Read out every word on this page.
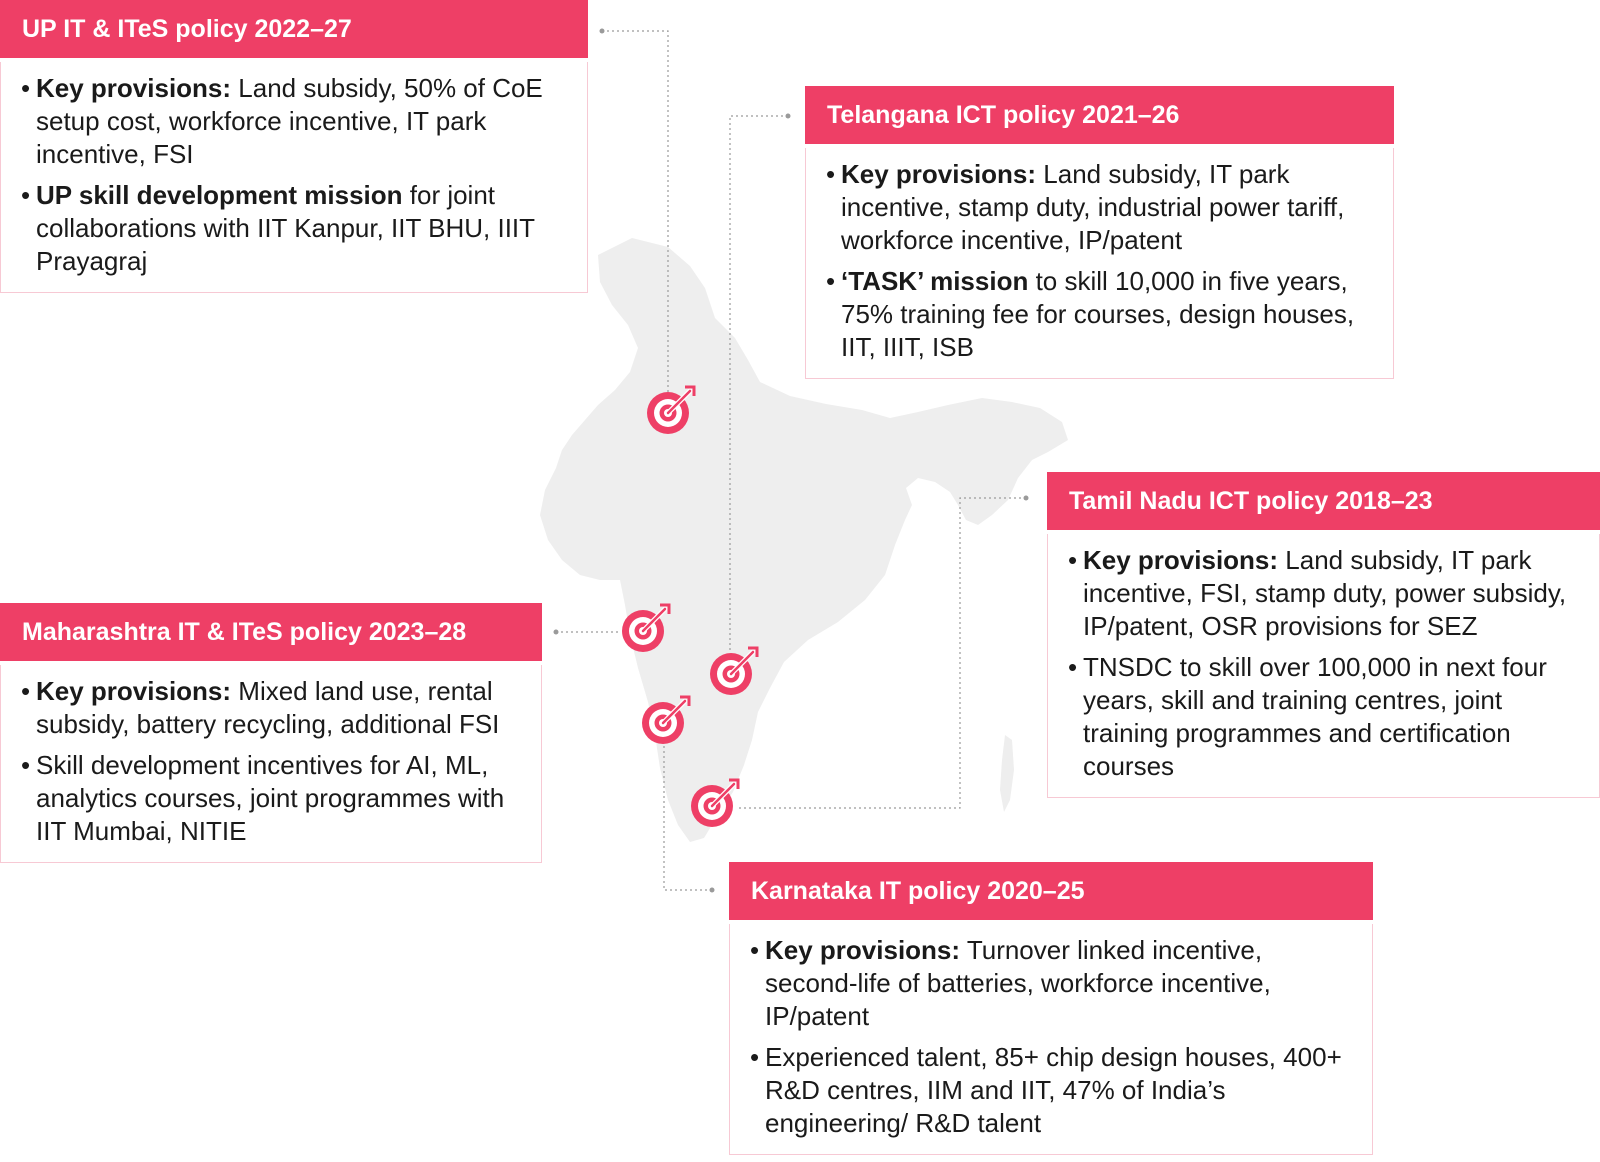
UP IT & ITeS policy 2022–27
• Key provisions: Land subsidy, 50% of CoE setup cost, workforce incentive, IT park incentive, FSI
• UP skill development mission for joint collaborations with IIT Kanpur, IIT BHU, IIIT Prayagraj
Telangana ICT policy 2021–26
• Key provisions: Land subsidy, IT park incentive, stamp duty, industrial power tariff, workforce incentive, IP/patent
• ‘TASK’ mission to skill 10,000 in five years, 75% training fee for courses, design houses, IIT, IIIT, ISB
Tamil Nadu ICT policy 2018–23
• Key provisions: Land subsidy, IT park incentive, FSI, stamp duty, power subsidy, IP/patent, OSR provisions for SEZ
• TNSDC to skill over 100,000 in next four years, skill and training centres, joint training programmes and certification courses
Maharashtra IT & ITeS policy 2023–28
• Key provisions: Mixed land use, rental subsidy, battery recycling, additional FSI
• Skill development incentives for AI, ML, analytics courses, joint programmes with IIT Mumbai, NITIE
Karnataka IT policy 2020–25
• Key provisions: Turnover linked incentive, second-life of batteries, workforce incentive, IP/patent
• Experienced talent, 85+ chip design houses, 400+ R&D centres, IIM and IIT, 47% of India’s engineering/ R&D talent
